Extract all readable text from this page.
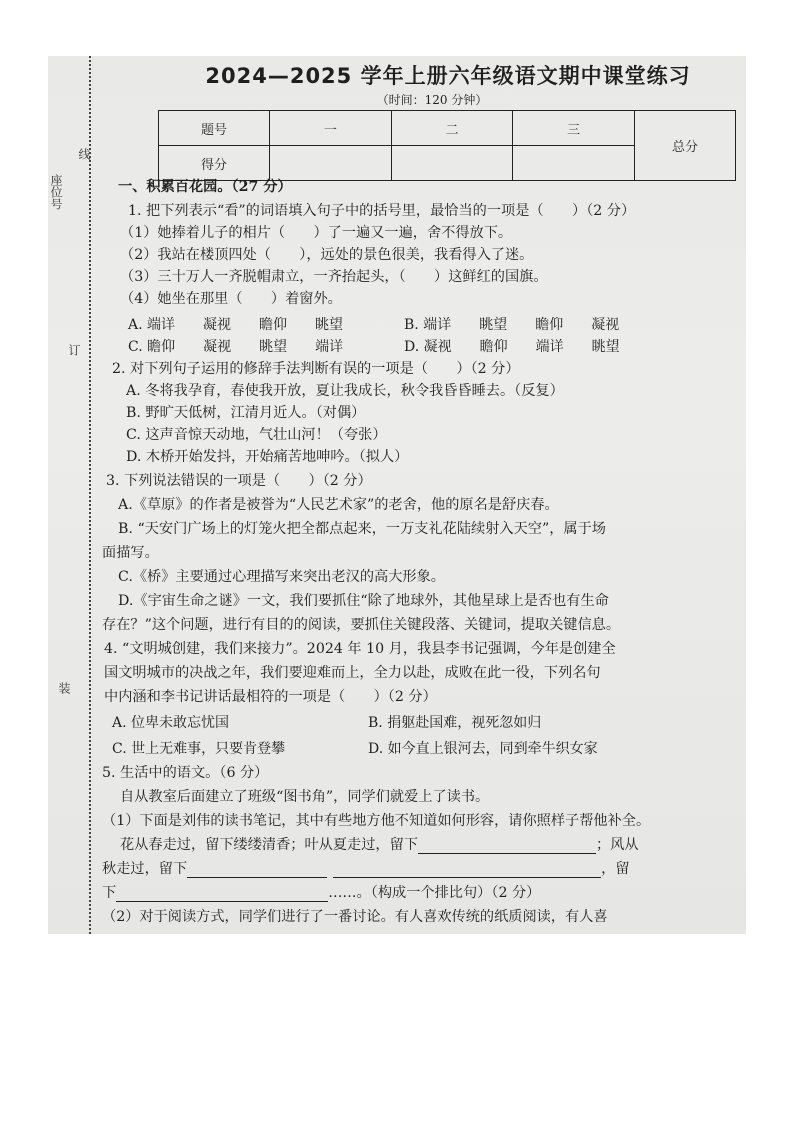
座位号
线
订
装
2024—2025 学年上册六年级语文期中课堂练习
（时间：120 分钟）
题号	一	二	三	总分
得分				
一、积累百花园。（27 分）
1. 把下列表示“看”的词语填入句子中的括号里，最恰当的一项是（　　）（2 分）
（1）她捧着儿子的相片（　　）了一遍又一遍，舍不得放下。
（2）我站在楼顶四处（　　），远处的景色很美，我看得入了迷。
（3）三十万人一齐脱帽肃立，一齐抬起头，（　　）这鲜红的国旗。
（4）她坐在那里（　　）着窗外。
A. 端详　　凝视　　瞻仰　　眺望	B. 端详　　眺望　　瞻仰　　凝视
C. 瞻仰　　凝视　　眺望　　端详	D. 凝视　　瞻仰　　端详　　眺望
2. 对下列句子运用的修辞手法判断有误的一项是（　　）（2 分）
A. 冬将我孕育，春使我开放，夏让我成长，秋令我昏昏睡去。（反复）
B. 野旷天低树，江清月近人。（对偶）
C. 这声音惊天动地，气壮山河！（夸张）
D. 木桥开始发抖，开始痛苦地呻吟。（拟人）
3. 下列说法错误的一项是（　　）（2 分）
A.《草原》的作者是被誉为“人民艺术家”的老舍，他的原名是舒庆春。
B. “天安门广场上的灯笼火把全都点起来，一万支礼花陆续射入天空”，属于场
面描写。
C.《桥》主要通过心理描写来突出老汉的高大形象。
D.《宇宙生命之谜》一文，我们要抓住“除了地球外，其他星球上是否也有生命
存在？”这个问题，进行有目的的阅读，要抓住关键段落、关键词，提取关键信息。
4. “文明城创建，我们来接力”。2024 年 10 月，我县李书记强调，今年是创建全
国文明城市的决战之年，我们要迎难而上，全力以赴，成败在此一役，下列名句
中内涵和李书记讲话最相符的一项是（　　）（2 分）
A. 位卑未敢忘忧国	B. 捐躯赴国难，视死忽如归
C. 世上无难事，只要肯登攀	D. 如今直上银河去，同到牵牛织女家
5. 生活中的语文。（6 分）
自从教室后面建立了班级“图书角”，同学们就爱上了读书。
（1）下面是刘伟的读书笔记，其中有些地方他不知道如何形容，请你照样子帮他补全。
花从春走过，留下缕缕清香；叶从夏走过，留下	；风从
秋走过，留下	，留
下	……。（构成一个排比句）（2 分）
（2）对于阅读方式，同学们进行了一番讨论。有人喜欢传统的纸质阅读，有人喜
